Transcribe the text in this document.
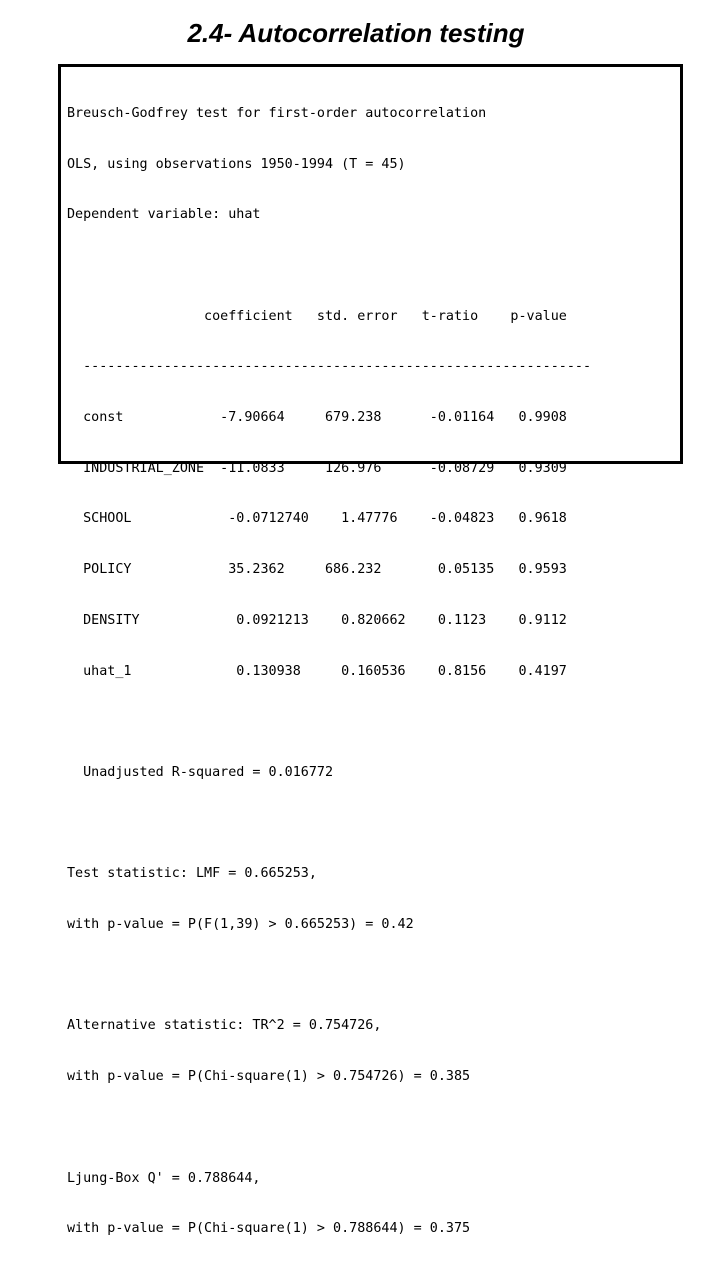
2.4- Autocorrelation testing

Breusch-Godfrey test for first-order autocorrelation

OLS, using observations 1950-1994 (T = 45)

Dependent variable: uhat

coefficient   std. error   t-ratio    p-value

---------------------------------------------------------------

const            -7.90664     679.238      -0.01164   0.9908

INDUSTRIAL_ZONE  -11.0833     126.976      -0.08729   0.9309

SCHOOL            -0.0712740    1.47776    -0.04823   0.9618

POLICY            35.2362     686.232       0.05135   0.9593

DENSITY            0.0921213    0.820662    0.1123    0.9112

uhat_1             0.130938     0.160536    0.8156    0.4197

Unadjusted R-squared = 0.016772

Test statistic: LMF = 0.665253,

with p-value = P(F(1,39) > 0.665253) = 0.42

Alternative statistic: TR^2 = 0.754726,

with p-value = P(Chi-square(1) > 0.754726) = 0.385

Ljung-Box Q' = 0.788644,

with p-value = P(Chi-square(1) > 0.788644) = 0.375
